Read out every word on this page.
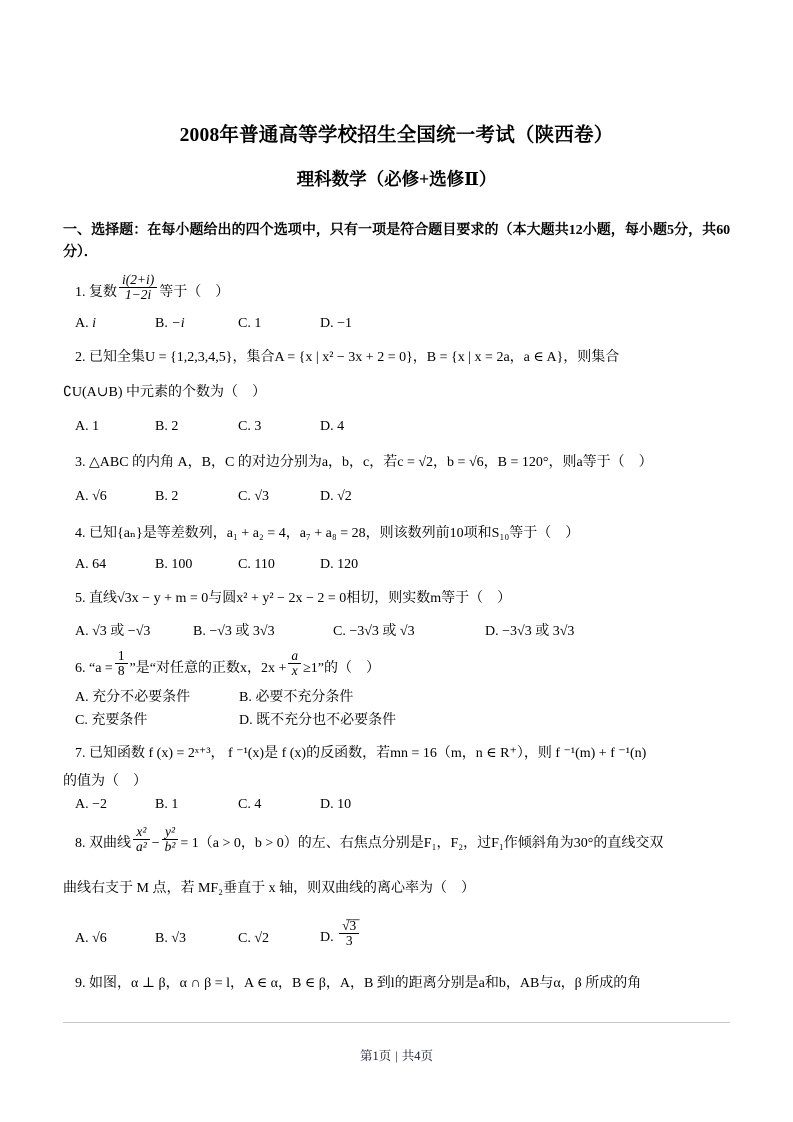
2008年普通高等学校招生全国统一考试（陕西卷）
理科数学（必修+选修Ⅱ）

一、选择题：在每小题给出的四个选项中，只有一项是符合题目要求的（本大题共12小题，每小题5分，共60分）．

1. 复数 $\frac{i(2+i)}{1-2i}$ 等于（　）
A. i	B. −i	C. 1	D. −1
2. 已知全集U = {1,2,3,4,5}，集合A = {x | x² − 3x + 2 = 0}，B = {x | x = 2a，a ∈ A}，则集合
∁U(A∪B) 中元素的个数为（　）
A. 1	B. 2	C. 3	D. 4
3. △ABC 的内角 A，B，C 的对边分别为a，b，c，若c = √2，b = √6，B = 120°，则a等于（　）
A. √6	B. 2	C. √3	D. √2
4. 已知{aₙ}是等差数列，a₁ + a₂ = 4，a₇ + a₈ = 28，则该数列前10项和S₁₀等于（　）
A. 64	B. 100	C. 110	D. 120
5. 直线√3x − y + m = 0与圆x² + y² − 2x − 2 = 0相切，则实数m等于（　）
A. √3 或 −√3	B. −√3 或 3√3	C. −3√3 或 √3	D. −3√3 或 3√3
6. “$a = \frac{1}{8}$ ”是“对任意的正数x，$2x + \frac{a}{x} \ge 1$”的（　）
A. 充分不必要条件	B. 必要不充分条件
C. 充要条件	D. 既不充分也不必要条件
7. 已知函数 f (x) = 2ˣ⁺³， f ⁻¹(x)是 f (x)的反函数，若mn = 16（m，n ∈ R⁺），则 f ⁻¹(m) + f ⁻¹(n)
的值为（　）
A. −2	B. 1	C. 4	D. 10
8. 双曲线 $\frac{\text{x²}}{\text{a²}} - \frac{\text{y²}}{\text{b²}} = 1(a > 0$，b > 0）的左、右焦点分别是F₁，F₂，过F₁作倾斜角为30°的直线交双
曲线右支于 M 点，若 MF₂垂直于 x 轴，则双曲线的离心率为（　）
A. √6	B. √3	C. √2	D. $\frac{√̅3̅}{3}$
9. 如图，α ⊥ β，α ∩ β = l，A ∈ α，B ∈ β，A，B 到l的距离分别是a和b，AB与α，β 所成的角
第1页 | 共4页
